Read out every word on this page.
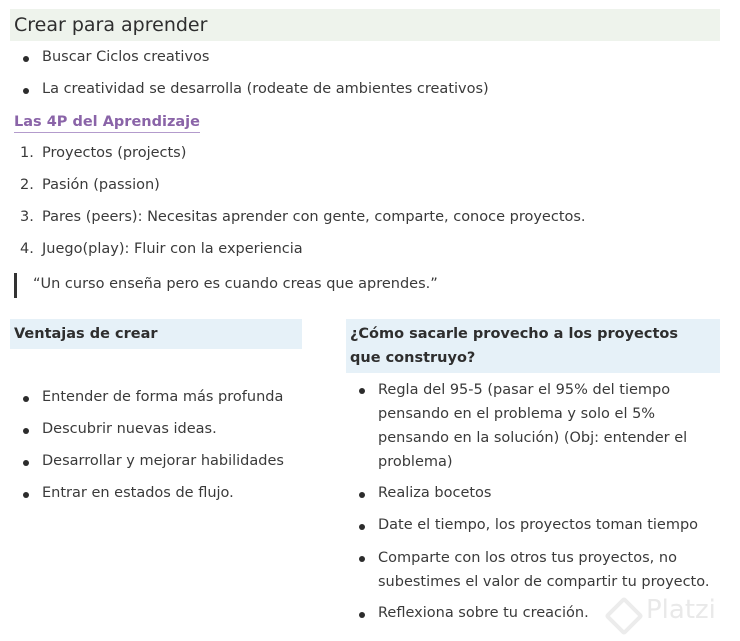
Crear para aprender
Buscar Ciclos creativos
La creatividad se desarrolla (rodeate de ambientes creativos)
Las 4P del Aprendizaje
1. Proyectos (projects)
2. Pasión (passion)
3. Pares (peers): Necesitas aprender con gente, comparte, conoce proyectos.
4. Juego(play): Fluir con la experiencia
“Un curso enseña pero es cuando creas que aprendes.”
Ventajas de crear
Entender de forma más profunda
Descubrir nuevas ideas.
Desarrollar y mejorar habilidades
Entrar en estados de flujo.
¿Cómo sacarle provecho a los proyectos que construyo?
Regla del 95-5 (pasar el 95% del tiempo pensando en el problema y solo el 5% pensando en la solución) (Obj: entender el problema)
Realiza bocetos
Date el tiempo, los proyectos toman tiempo
Comparte con los otros tus proyectos, no subestimes el valor de compartir tu proyecto.
Reflexiona sobre tu creación. Platzi
